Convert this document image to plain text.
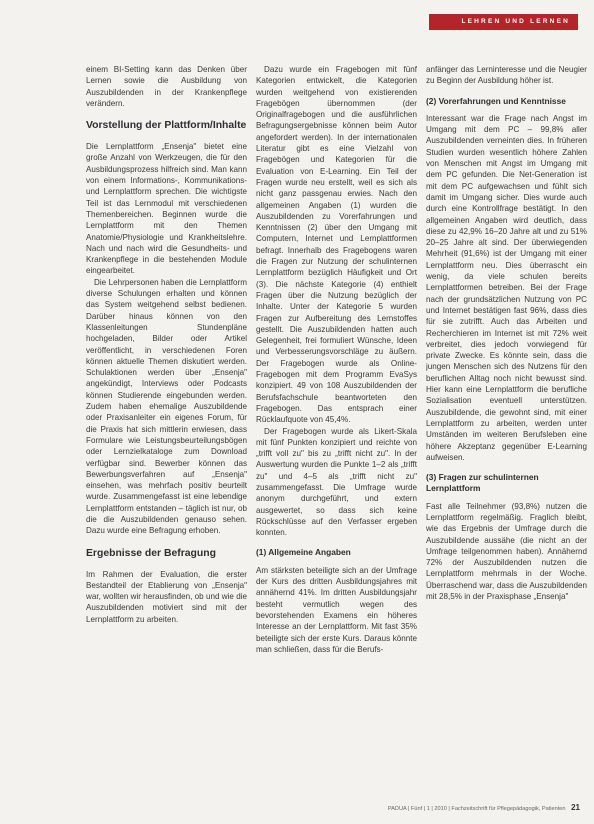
LEHREN UND LERNEN

einem BI-Setting kann das Denken über Lernen sowie die Ausbildung von Auszubildenden in der Krankenpflege verändern.

Vorstellung der Plattform/Inhalte

Die Lernplattform „Ensenja" bietet eine große Anzahl von Werkzeugen, die für den Ausbildungsprozess hilfreich sind. Man kann von einem Informations-, Kommunikations- und Lernplattform sprechen. Die wichtigste Teil ist das Lernmodul mit verschiedenen Themenbereichen. Beginnen wurde die Lernplattform mit den Themen Anatomie/Physiologie und Krankheitslehre. Nach und nach wird die Gesundheits- und Krankenpflege in die bestehenden Module eingearbeitet.

Die Lehrpersonen haben die Lernplattform diverse Schulungen erhalten und können das System weitgehend selbst bedienen. Darüber hinaus können von den Klassenleitungen Stundenpläne hochgeladen, Bilder oder Artikel veröffentlicht, in verschiedenen Foren können aktuelle Themen diskutiert werden. Schulaktionen werden über „Ensenja" angekündigt, Interviews oder Podcasts können Studierende eingebunden werden. Zudem haben ehemalige Auszubildende oder Praxisanleiter ein eigenes Forum, für die Praxis hat sich mittlerin erwiesen, dass Formulare wie Leistungsbeurteilungsbögen oder Lernzielkataloge zum Download verfügbar sind. Bewerber können das Bewerbungsverfahren auf „Ensenja" einsehen, was mehrfach positiv beurteilt wurde. Zusammengefasst ist eine lebendige Lernplattform entstanden – täglich ist nur, ob die die Auszubildenden genauso sehen. Dazu wurde eine Befragung erhoben.

Ergebnisse der Befragung

Im Rahmen der Evaluation, die erster Bestandteil der Etablierung von „Ensenja" war, wollten wir herausfinden, ob und wie die Auszubildenden motiviert sind mit der Lernplattform zu arbeiten.

Dazu wurde ein Fragebogen mit fünf Kategorien entwickelt, die Kategorien wurden weitgehend von existierenden Fragebögen übernommen (der Originalfragebogen und die ausführlichen Befragungsergebnisse können beim Autor angefordert werden). In der internationalen Literatur gibt es eine Vielzahl von Fragebögen und Kategorien für die Evaluation von E-Learning. Ein Teil der Fragen wurde neu erstellt, weil es sich als nicht ganz passgenau erwies. Nach den allgemeinen Angaben (1) wurden die Auszubildenden zu Vorerfahrungen und Kenntnissen (2) über den Umgang mit Computern, Internet und Lernplattformen befragt. Innerhalb des Fragebogens waren die Fragen zur Nutzung der schulinternen Lernplattform bezüglich Häufigkeit und Ort (3). Die nächste Kategorie (4) enthielt Fragen über die Nutzung bezüglich der Inhalte. Unter der Kategorie 5 wurden Fragen zur Aufbereitung des Lernstoffes gestellt. Die Auszubildenden hatten auch Gelegenheit, frei formuliert Wünsche, Ideen und Verbesserungsvorschläge zu äußern. Der Fragebogen wurde als Online-Fragebogen mit dem Programm EvaSys konzipiert. 49 von 108 Auszubildenden der Berufsfachschule beantworteten den Fragebogen. Das entsprach einer Rücklaufquote von 45,4%.

Der Fragebogen wurde als Likert-Skala mit fünf Punkten konzipiert und reichte von „trifft voll zu" bis zu „trifft nicht zu". In der Auswertung wurden die Punkte 1–2 als „trifft zu" und 4–5 als „trifft nicht zu" zusammengefasst. Die Umfrage wurde anonym durchgeführt, und extern ausgewertet, so dass sich keine Rückschlüsse auf den Verfasser ergeben konnten.

(1) Allgemeine Angaben

Am stärksten beteiligte sich an der Umfrage der Kurs des dritten Ausbildungsjahres mit annähernd 41%. Im dritten Ausbildungsjahr besteht vermutlich wegen des bevorstehenden Examens ein höheres Interesse an der Lernplattform. Mit fast 35% beteiligte sich der erste Kurs. Daraus könnte man schließen, dass für die Berufs-

anfänger das Lerninteresse und die Neugier zu Beginn der Ausbildung höher ist.

(2) Vorerfahrungen und Kenntnisse

Interessant war die Frage nach Angst im Umgang mit dem PC – 99,8% aller Auszubildenden verneinten dies. In früheren Studien wurden wesentlich höhere Zahlen von Menschen mit Angst im Umgang mit dem PC gefunden. Die Net-Generation ist mit dem PC aufgewachsen und fühlt sich damit im Umgang sicher. Dies wurde auch durch eine Kontrollfrage bestätigt. In den allgemeinen Angaben wird deutlich, dass diese zu 42,9% 16–20 Jahre alt und zu 51% 20–25 Jahre alt sind. Der überwiegenden Mehrheit (91,6%) ist der Umgang mit einer Lernplattform neu. Dies überrascht ein wenig, da viele schulen bereits Lernplattformen betreiben. Bei der Frage nach der grundsätzlichen Nutzung von PC und Internet bestätigen fast 96%, dass dies für sie zutrifft. Auch das Arbeiten und Recherchieren im Internet ist mit 72% weit verbreitet, dies jedoch vorwiegend für private Zwecke. Es könnte sein, dass die jungen Menschen sich des Nutzens für den beruflichen Alltag noch nicht bewusst sind. Hier kann eine Lernplattform die berufliche Sozialisation eventuell unterstützen. Auszubildende, die gewohnt sind, mit einer Lernplattform zu arbeiten, werden unter Umständen im weiteren Berufsleben eine höhere Akzeptanz gegenüber E-Learning aufweisen.

(3) Fragen zur schulinternen Lernplattform

Fast alle Teilnehmer (93,8%) nutzen die Lernplattform regelmäßig. Fraglich bleibt, wie das Ergebnis der Umfrage durch die Auszubildende aussähe (die nicht an der Umfrage teilgenommen haben). Annähernd 72% der Auszubildenden nutzen die Lernplattform mehrmals in der Woche. Überraschend war, dass die Auszubildenden mit 28,5% in der Praxisphase „Ensenja"

PADUA | Fünf | 1 | 2010 | Fachzeitschrift für Pflegepädagogik, Patienten 21
